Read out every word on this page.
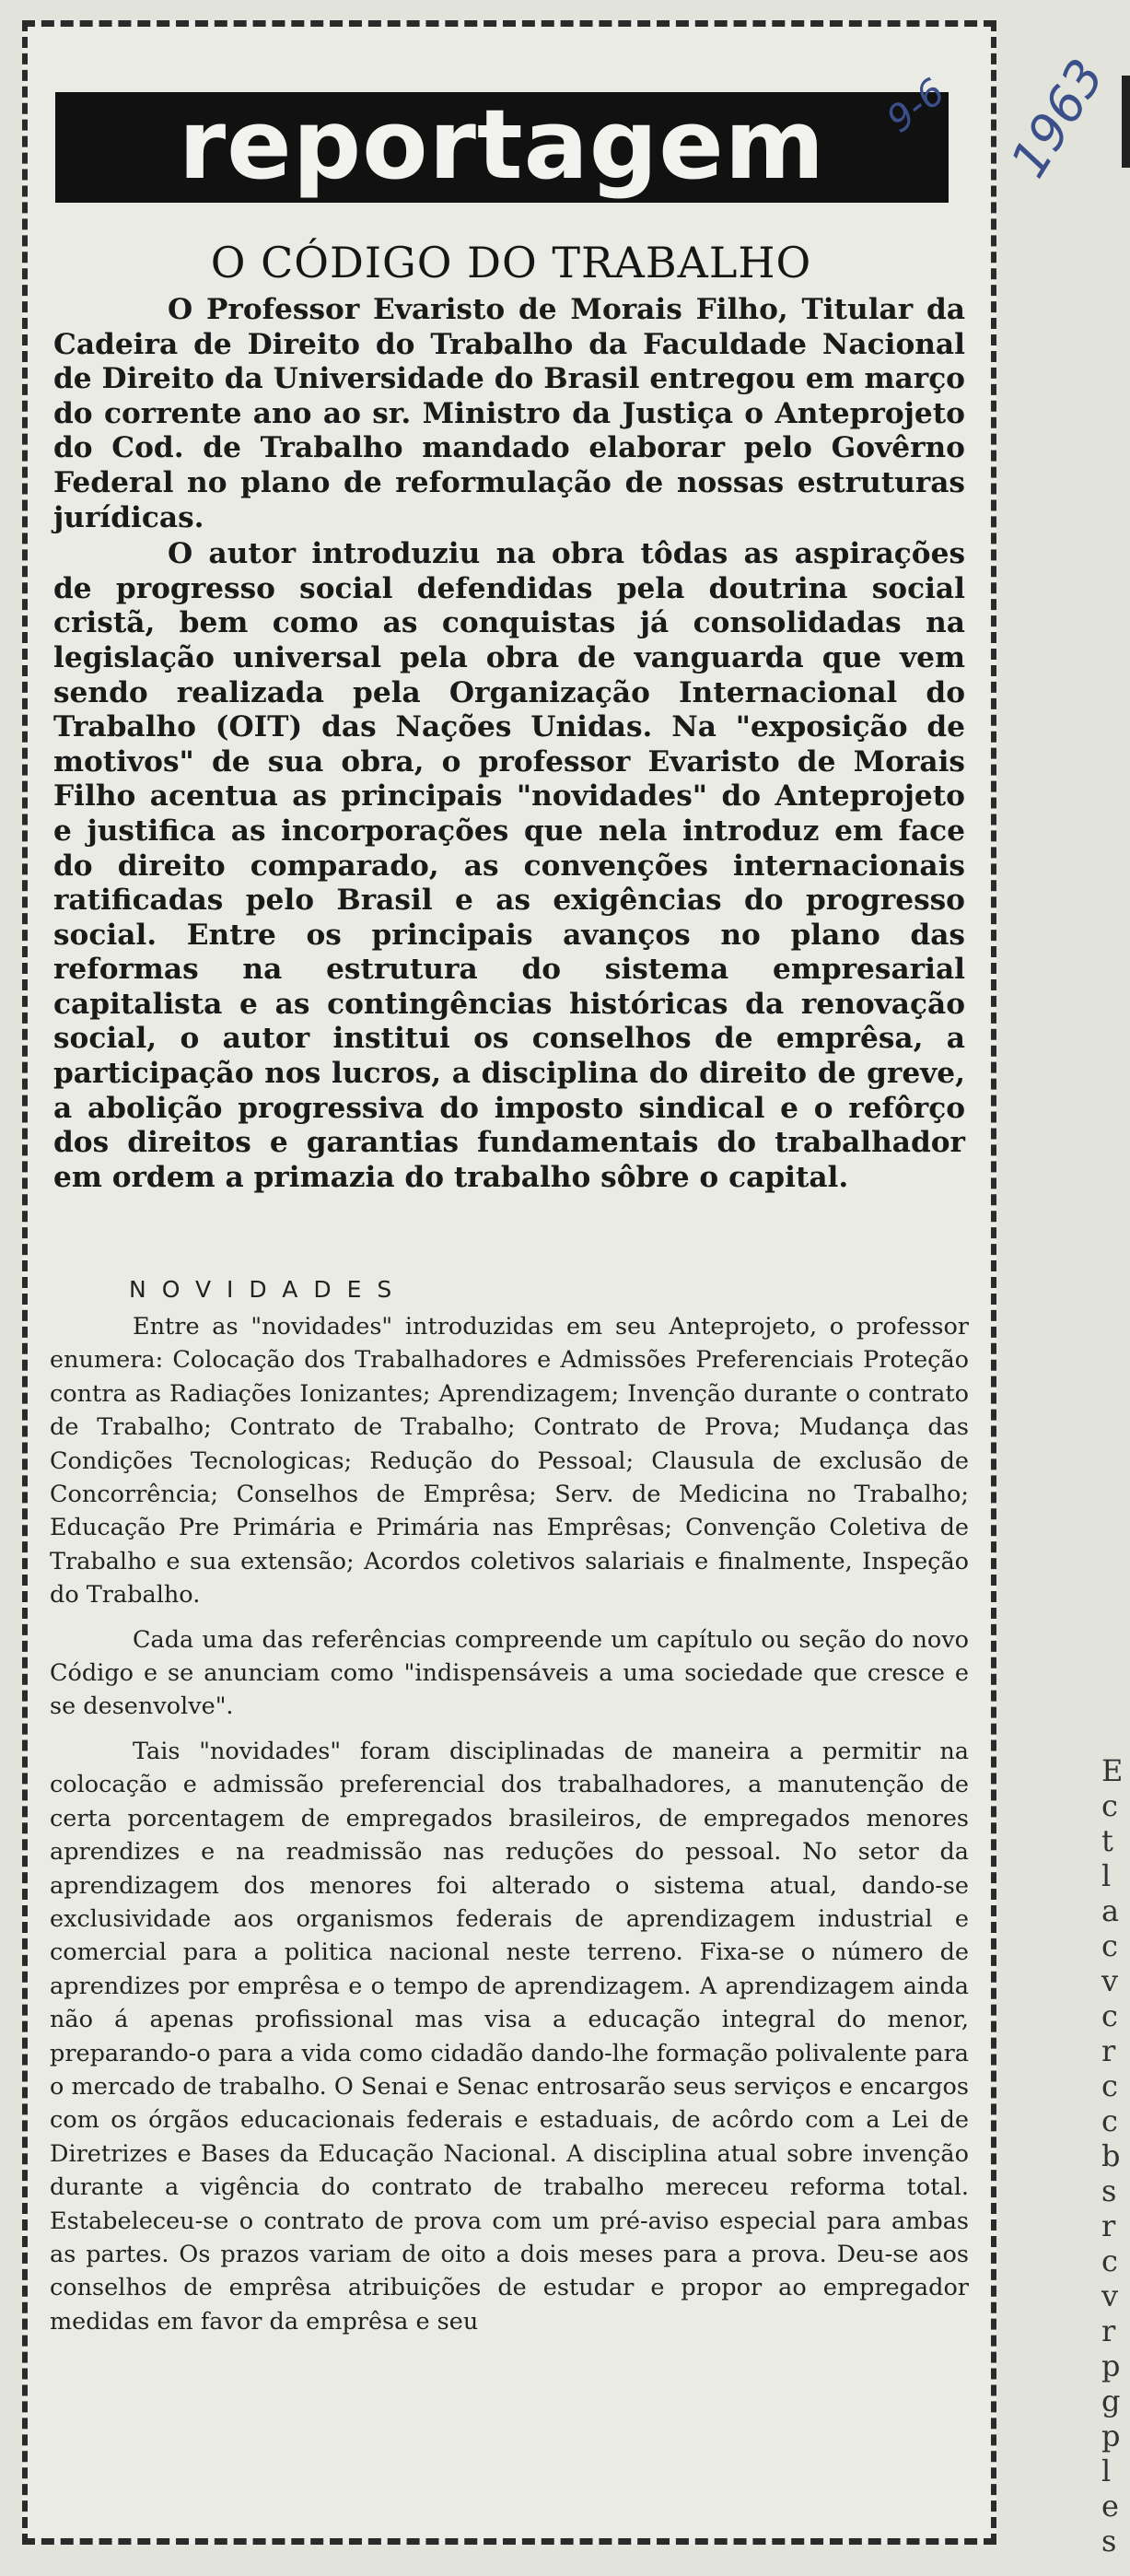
reportagem
O CÓDIGO DO TRABALHO

O Professor Evaristo de Morais Filho, Titular da Cadeira de Direito do Trabalho da Faculdade Nacional de Direito da Universidade do Brasil entregou em março do corrente ano ao sr. Ministro da Justiça o Anteprojeto do Cod. de Trabalho mandado elaborar pelo Govêrno Federal no plano de reformulação de nossas estruturas jurídicas.

O autor introduziu na obra tôdas as aspirações de progresso social defendidas pela doutrina social cristã, bem como as conquistas já consolidadas na legislação universal pela obra de vanguarda que vem sendo realizada pela Organização Internacional do Trabalho (OIT) das Nações Unidas. Na "exposição de motivos" de sua obra, o professor Evaristo de Morais Filho acentua as principais "novidades" do Anteprojeto e justifica as incorporações que nela introduz em face do direito comparado, as convenções internacionais ratificadas pelo Brasil e as exigências do progresso social. Entre os principais avanços no plano das reformas na estrutura do sistema empresarial capitalista e as contingências históricas da renovação social, o autor institui os conselhos de emprêsa, a participação nos lucros, a disciplina do direito de greve, a abolição progressiva do imposto sindical e o refôrço dos direitos e garantias fundamentais do trabalhador em ordem a primazia do trabalho sôbre o capital.

NOVIDADES

Entre as "novidades" introduzidas em seu Anteprojeto, o professor enumera: Colocação dos Trabalhadores e Admissões Preferenciais Proteção contra as Radiações Ionizantes; Aprendizagem; Invenção durante o contrato de Trabalho; Contrato de Trabalho; Contrato de Prova; Mudança das Condições Tecnologicas; Redução do Pessoal; Clausula de exclusão de Concorrência; Conselhos de Emprêsa; Serv. de Medicina no Trabalho; Educação Pre Primária e Primária nas Emprêsas; Convenção Coletiva de Trabalho e sua extensão; Acordos coletivos salariais e finalmente, Inspeção do Trabalho.

Cada uma das referências compreende um capítulo ou seção do novo Código e se anunciam como "indispensáveis a uma sociedade que cresce e se desenvolve".

Tais "novidades" foram disciplinadas de maneira a permitir na colocação e admissão preferencial dos trabalhadores, a manutenção de certa porcentagem de empregados brasileiros, de empregados menores aprendizes e na readmissão nas reduções do pessoal. No setor da aprendizagem dos menores foi alterado o sistema atual, dando-se exclusividade aos organismos federais de aprendizagem industrial e comercial para a politica nacional neste terreno. Fixa-se o número de aprendizes por emprêsa e o tempo de aprendizagem. A aprendizagem ainda não á apenas profissional mas visa a educação integral do menor, preparando-o para a vida como cidadão dando-lhe formação polivalente para o mercado de trabalho. O Senai e Senac entrosarão seus serviços e encargos com os órgãos educacionais federais e estaduais, de acôrdo com a Lei de Diretrizes e Bases da Educação Nacional. A disciplina atual sobre invenção durante a vigência do contrato de trabalho mereceu reforma total. Estabeleceu-se o contrato de prova com um pré-aviso especial para ambas as partes. Os prazos variam de oito a dois meses para a prova. Deu-se aos conselhos de emprêsa atribuições de estudar e propor ao empregador medidas em favor da emprêsa e seu

9-6 1963
E
c
t
l
a
c
v
c
r
c
c
b
s
r
c
v
r
p
g
p
l
e
s
